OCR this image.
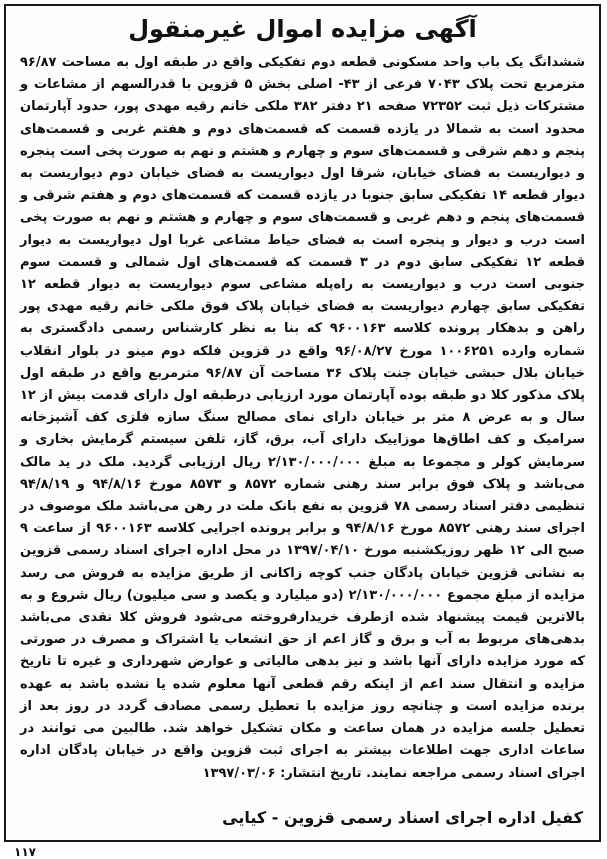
آگهی مزایده اموال غیرمنقول

ششدانگ یک باب واحد مسکونی قطعه دوم تفکیکی واقع در طبقه اول به مساحت ۹۶/۸۷ مترمربع تحت پلاک ۷۰۴۳ فرعی از ۴۳- اصلی بخش ۵ قزوین با قدرالسهم از مشاعات و مشترکات ذیل ثبت ۷۲۳۵۲ صفحه ۲۱ دفتر ۳۸۲ ملکی خانم رقیه مهدی پور، حدود آپارتمان محدود است به شمالا در یازده قسمت که قسمت‌های دوم و هفتم غربی و قسمت‌های پنجم و دهم شرقی و قسمت‌های سوم و چهارم و هشتم و نهم به صورت پخی است پنجره و دیواریست به فضای خیابان، شرقا اول دیواریست به فضای خیابان دوم دیواریست به دیوار قطعه ۱۴ تفکیکی سابق جنوبا در یازده قسمت که قسمت‌های دوم و هفتم شرقی و قسمت‌های پنجم و دهم غربی و قسمت‌های سوم و چهارم و هشتم و نهم به صورت پخی است درب و دیوار و پنجره است به فضای حیاط مشاعی غربا اول دیواریست به دیوار قطعه ۱۲ تفکیکی سابق دوم در ۳ قسمت که قسمت‌های اول شمالی و قسمت سوم جنوبی است درب و دیواریست به راه‌پله مشاعی سوم دیواریست به دیوار قطعه ۱۲ تفکیکی سابق چهارم دیواریست به فضای خیابان پلاک فوق ملکی خانم رقیه مهدی پور راهن و بدهکار پرونده کلاسه ۹۶۰۰۱۶۳ که بنا به نظر کارشناس رسمی دادگستری به شماره وارده ۱۰۰۶۲۵۱ مورخ ۹۶/۰۸/۲۷ واقع در قزوین فلکه دوم مینو در بلوار انقلاب خیابان بلال حبشی خیابان جنت پلاک ۳۶ مساحت آن ۹۶/۸۷ مترمربع واقع در طبقه اول پلاک مذکور کلا دو طبقه بوده آپارتمان مورد ارزیابی درطبقه اول دارای قدمت بیش از ۱۲ سال و به عرض ۸ متر بر خیابان دارای نمای مصالح سنگ سازه فلزی کف آشپزخانه سرامیک و کف اطاق‌ها موزاییک دارای آب، برق، گاز، تلفن سیستم گرمایش بخاری و سرمایش کولر و مجموعا به مبلغ ۲/۱۳۰/۰۰۰/۰۰۰ ریال ارزیابی گردید. ملک در ید مالک می‌باشد و پلاک فوق برابر سند رهنی شماره ۸۵۷۲ و ۸۵۷۳ مورخ ۹۴/۸/۱۶ و ۹۴/۸/۱۹ تنظیمی دفتر اسناد رسمی ۷۸ قزوین به نفع بانک ملت در رهن می‌باشد ملک موصوف در اجرای سند رهنی ۸۵۷۲ مورخ ۹۴/۸/۱۶ و برابر پرونده اجرایی کلاسه ۹۶۰۰۱۶۳ از ساعت ۹ صبح الی ۱۲ ظهر روزیکشنبه مورخ ۱۳۹۷/۰۴/۱۰ در محل اداره اجرای اسناد رسمی قزوین به نشانی قزوین خیابان پادگان جنب کوچه زاکانی از طریق مزایده به فروش می رسد مزایده از مبلغ مجموع ۲/۱۳۰/۰۰۰/۰۰۰ (دو میلیارد و یکصد و سی میلیون) ریال شروع و به بالاترین قیمت پیشنهاد شده ازطرف خریدارفروخته می‌شود فروش کلا نقدی می‌باشد بدهی‌های مربوط به آب و برق و گاز اعم از حق انشعاب یا اشتراک و مصرف در صورتی که مورد مزایده دارای آنها باشد و نیز بدهی مالیاتی و عوارض شهرداری و غیره تا تاریخ مزایده و انتقال سند اعم از اینکه رقم قطعی آنها معلوم شده یا نشده باشد به عهده برنده مزایده است و چنانچه روز مزایده با تعطیل رسمی مصادف گردد در روز بعد از تعطیل جلسه مزایده در همان ساعت و مکان تشکیل خواهد شد. طالبین می توانند در ساعات اداری جهت اطلاعات بیشتر به اجرای ثبت قزوین واقع در خیابان پادگان اداره اجرای اسناد رسمی مراجعه نمایند. تاریخ انتشار: ۱۳۹۷/۰۳/۰۶

کفیل اداره اجرای اسناد رسمی قزوین - کیایی

۱۱۷
